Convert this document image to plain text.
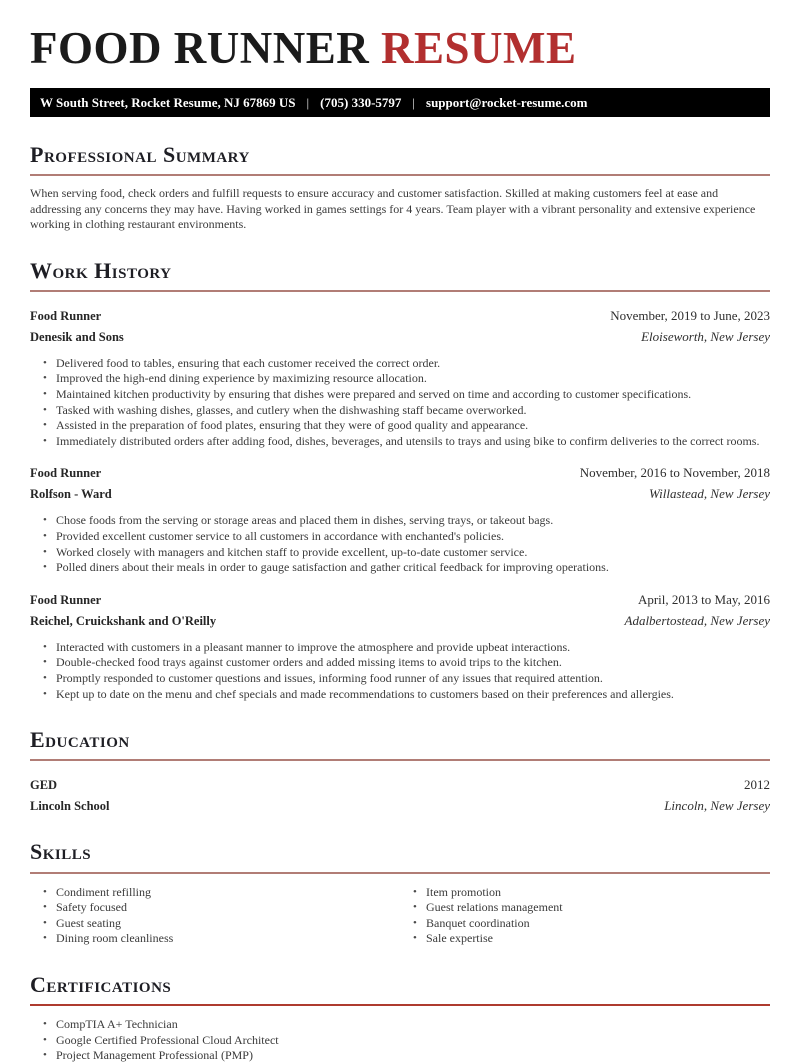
FOOD RUNNER RESUME
W South Street, Rocket Resume, NJ 67869 US | (705) 330-5797 | support@rocket-resume.com
Professional Summary

When serving food, check orders and fulfill requests to ensure accuracy and customer satisfaction. Skilled at making customers feel at ease and addressing any concerns they may have. Having worked in games settings for 4 years. Team player with a vibrant personality and extensive experience working in clothing restaurant environments.

Work History
Food Runner	November, 2019 to June, 2023
Denesik and Sons	Eloiseworth, New Jersey
• Delivered food to tables, ensuring that each customer received the correct order.
• Improved the high-end dining experience by maximizing resource allocation.
• Maintained kitchen productivity by ensuring that dishes were prepared and served on time and according to customer specifications.
• Tasked with washing dishes, glasses, and cutlery when the dishwashing staff became overworked.
• Assisted in the preparation of food plates, ensuring that they were of good quality and appearance.
• Immediately distributed orders after adding food, dishes, beverages, and utensils to trays and using bike to confirm deliveries to the correct rooms.
Food Runner	November, 2016 to November, 2018
Rolfson - Ward	Willastead, New Jersey
• Chose foods from the serving or storage areas and placed them in dishes, serving trays, or takeout bags.
• Provided excellent customer service to all customers in accordance with enchanted's policies.
• Worked closely with managers and kitchen staff to provide excellent, up-to-date customer service.
• Polled diners about their meals in order to gauge satisfaction and gather critical feedback for improving operations.
Food Runner	April, 2013 to May, 2016
Reichel, Cruickshank and O'Reilly	Adalbertostead, New Jersey
• Interacted with customers in a pleasant manner to improve the atmosphere and provide upbeat interactions.
• Double-checked food trays against customer orders and added missing items to avoid trips to the kitchen.
• Promptly responded to customer questions and issues, informing food runner of any issues that required attention.
• Kept up to date on the menu and chef specials and made recommendations to customers based on their preferences and allergies.
Education
GED	2012
Lincoln School	Lincoln, New Jersey
Skills
• Condiment refilling
• Safety focused
• Guest seating
• Dining room cleanliness
• Item promotion
• Guest relations management
• Banquet coordination
• Sale expertise
Certifications
• CompTIA A+ Technician
• Google Certified Professional Cloud Architect
• Project Management Professional (PMP)
